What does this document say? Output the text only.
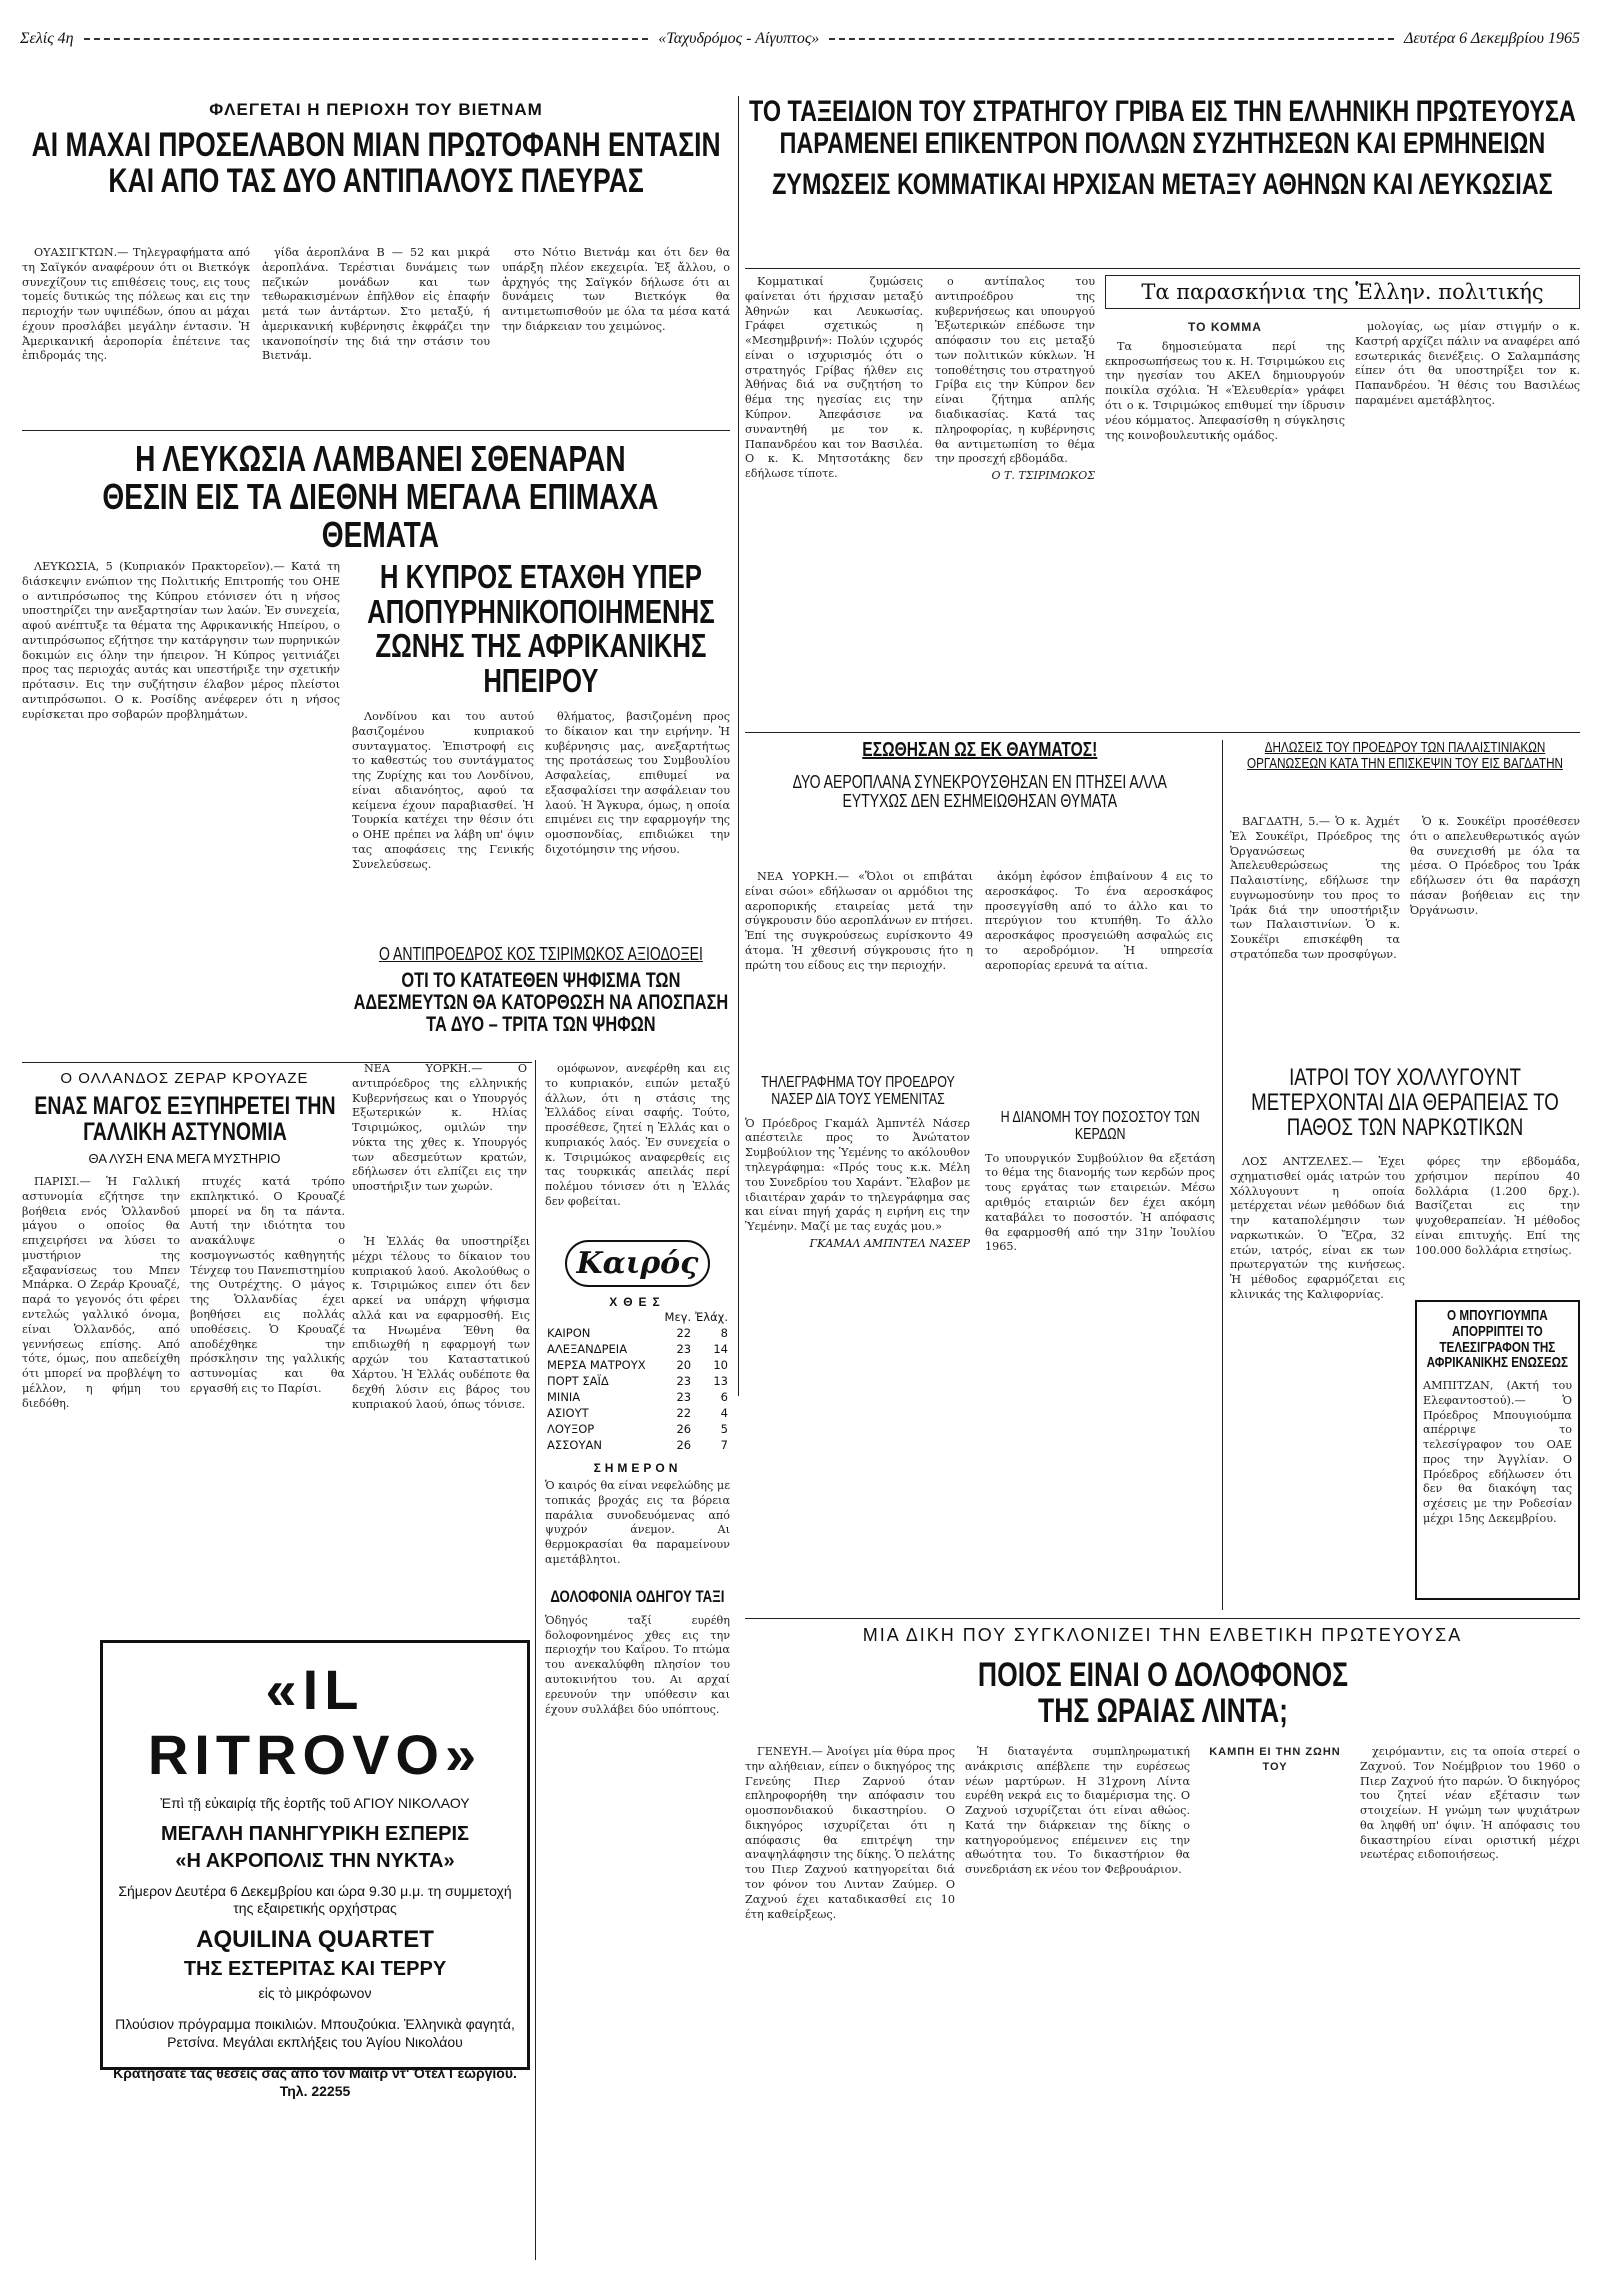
Σελίς 4η	«Ταχυδρόμος - Αίγυπτος»	Δευτέρα 6 Δεκεμβρίου 1965
ΦΛΕΓΕΤΑΙ Η ΠΕΡΙΟΧΗ ΤΟΥ ΒΙΕΤΝΑΜ
ΑΙ ΜΑΧΑΙ ΠΡΟΣΕΛΑΒΟΝ ΜΙΑΝ ΠΡΩΤΟΦΑΝΗ ΕΝΤΑΣΙΝ ΚΑΙ ΑΠΟ ΤΑΣ ΔΥΟ ΑΝΤΙΠΑΛΟΥΣ ΠΛΕΥΡΑΣ

ΟΥΑΣΙΓΚΤΩΝ.— Τηλεγραφήματα από τη Σαϊγκόν αναφέρουν ότι οι Βιετκόγκ συνεχίζουν τις επιθέσεις τους, εις τους τομείς δυτικώς της πόλεως και εις την περιοχήν των υψιπέδων, όπου αι μάχαι έχουν προσλάβει μεγάλην έντασιν. Ἡ Ἀμερικανική ἀεροπορία ἐπέτεινε τας ἐπιδρομάς της.

γίδα ἀεροπλάνα Β — 52 και μικρά ἀεροπλάνα. Τερέστιαι δυνάμεις των πεζικών μονάδων και των τεθωρακισμένων ἐπῆλθον εἰς ἐπαφήν μετά των ἀντάρτων. Στο μεταξύ, ή ἀμερικανική κυβέρνησις ἐκφράζει την ικανοποίησίν της διά την στάσιν του Βιετνάμ.

στο Νότιο Βιετνάμ και ότι δεν θα υπάρξη πλέον εκεχειρία. Ἐξ ἄλλου, ο ἀρχηγός της Σαϊγκόν δήλωσε ότι αι δυνάμεις των Βιετκόγκ θα αντιμετωπισθούν με όλα τα μέσα κατά την διάρκειαν του χειμώνος.

Η ΛΕΥΚΩΣΙΑ ΛΑΜΒΑΝΕΙ ΣΘΕΝΑΡΑΝ ΘΕΣΙΝ ΕΙΣ ΤΑ ΔΙΕΘΝΗ ΜΕΓΑΛΑ ΕΠΙΜΑΧΑ ΘΕΜΑΤΑ

ΛΕΥΚΩΣΙΑ, 5 (Κυπριακόν Πρακτορεῖον).— Κατά τη διάσκεψιν ενώπιον της Πολιτικής Επιτροπής του ΟΗΕ ο αντιπρόσωπος της Κύπρου ετόνισεν ότι η νήσος υποστηρίζει την ανεξαρτησίαν των λαών. Ἐν συνεχεία, αφού ανέπτυξε τα θέματα της Αφρικανικής Ηπείρου, ο αντιπρόσωπος εζήτησε την κατάργησιν των πυρηνικών δοκιμών εις όλην την ήπειρον. Ἡ Κύπρος γειτνιάζει προς τας περιοχάς αυτάς και υπεστήριξε την σχετικήν πρότασιν. Εις την συζήτησιν έλαβον μέρος πλείστοι αντιπρόσωποι. Ο κ. Ροσίδης ανέφερεν ότι η νήσος ευρίσκεται προ σοβαρών προβλημάτων.

Η ΚΥΠΡΟΣ ΕΤΑΧΘΗ ΥΠΕΡ ΑΠΟΠΥΡΗΝΙΚΟΠΟΙΗΜΕΝΗΣ ΖΩΝΗΣ ΤΗΣ ΑΦΡΙΚΑΝΙΚΗΣ ΗΠΕΙΡΟΥ

Λονδίνου και του αυτού βασιζομένου κυπριακού συνταγματος. Ἐπιστροφή εις το καθεστώς του συντάγματος της Ζυρίχης και του Λονδίνου, είναι αδιανόητος, αφού τα κείμενα έχουν παραβιασθεί. Ἡ Τουρκία κατέχει την θέσιν ότι ο ΟΗΕ πρέπει να λάβη υπ' όψιν τας αποφάσεις της Γενικής Συνελεύσεως.

θλήματος, βασιζομένη προς το δίκαιον και την ειρήνην. Ἡ κυβέρνησις μας, ανεξαρτήτως της προτάσεως του Συμβουλίου Ασφαλείας, επιθυμεί να εξασφαλίσει την ασφάλειαν του λαού. Ἡ Ἄγκυρα, όμως, η οποία επιμένει εις την εφαρμογήν της ομοσπονδίας, επιδιώκει την διχοτόμησιν της νήσου.

Ο ΑΝΤΙΠΡΟΕΔΡΟΣ ΚΟΣ ΤΣΙΡΙΜΩΚΟΣ ΑΞΙΟΔΟΞΕΙ
ΟΤΙ ΤΟ ΚΑΤΑΤΕΘΕΝ ΨΗΦΙΣΜΑ ΤΩΝ ΑΔΕΣΜΕΥΤΩΝ ΘΑ ΚΑΤΟΡΘΩΣΗ ΝΑ ΑΠΟΣΠΑΣΗ ΤΑ ΔΥΟ – ΤΡΙΤΑ ΤΩΝ ΨΗΦΩΝ

ΝΕΑ ΥΟΡΚΗ.— Ο αντιπρόεδρος της ελληνικής Κυβερνήσεως και ο Υπουργός Εξωτερικών κ. Ηλίας Τσιριμώκος, ομιλών την νύκτα της χθες κ. Υπουργός των αδεσμεύτων κρατών, εδήλωσεν ότι ελπίζει εις την υποστήριξιν των χωρών.

ομόφωνον, ανεφέρθη και εις το κυπριακόν, ειπών μεταξύ άλλων, ότι η στάσις της Ἑλλάδος είναι σαφής. Τούτο, προσέθεσε, ζητεί η Ἑλλάς και ο κυπριακός λαός. Ἐν συνεχεία ο κ. Τσιριμώκος αναφερθείς εις τας τουρκικάς απειλάς περί πολέμου τόνισεν ότι η Ἑλλάς δεν φοβείται.

Ο ΟΛΛΑΝΔΟΣ ΖΕΡΑΡ ΚΡΟΥΑΖΕ
ΕΝΑΣ ΜΑΓΟΣ ΕΞΥΠΗΡΕΤΕΙ ΤΗΝ ΓΑΛΛΙΚΗ ΑΣΤΥΝΟΜΙΑ
ΘΑ ΛΥΣΗ ΕΝΑ ΜΕΓΑ ΜΥΣΤΗΡΙΟ

ΠΑΡΙΣΙ.— Ἡ Γαλλική αστυνομία εζήτησε την βοήθεια ενός Ὁλλανδού μάγου ο οποίος θα επιχειρήσει να λύσει το μυστήριον της εξαφανίσεως του Μπεν Μπάρκα. Ο Ζεράρ Κρουαζέ, παρά το γεγονός ότι φέρει εντελώς γαλλικό όνομα, είναι Ὁλλανδός, από γεννήσεως επίσης. Από τότε, όμως, που απεδείχθη ότι μπορεί να προβλέψη το μέλλον, η φήμη του διεδόθη.

πτυχές κατά τρόπο εκπληκτικό. Ο Κρουαζέ μπορεί να δη τα πάντα. Αυτή την ιδιότητα του ανακάλυψε ο κοσμογνωστός καθηγητής Τένχεφ του Πανεπιστημίου της Ουτρέχτης. Ο μάγος της Ὁλλανδίας έχει βοηθήσει εις πολλάς υποθέσεις. Ὁ Κρουαζέ αποδέχθηκε την πρόσκλησιν της γαλλικής αστυνομίας και θα εργασθή εις το Παρίσι.

Ἡ Ἑλλάς θα υποστηρίξει μέχρι τέλους το δίκαιον του κυπριακού λαού. Ακολούθως ο κ. Τσιριμώκος ειπεν ότι δεν αρκεί να υπάρχη ψήφισμα αλλά και να εφαρμοσθή. Εις τα Ηνωμένα Έθνη θα επιδιωχθή η εφαρμογή των αρχών του Καταστατικού Χάρτου. Ἡ Ἑλλάς ουδέποτε θα δεχθή λύσιν εις βάρος του κυπριακού λαού, όπως τόνισε.

Καιρός
ΧΘΕΣ
	Μεγ.	Ἐλάχ.
ΚΑΙΡΟΝ	22	8
ΑΛΕΞΑΝΔΡΕΙΑ	23	14
ΜΕΡΣΑ ΜΑΤΡΟΥΧ	20	10
ΠΟΡΤ ΣΑΪΔ	23	13
ΜΙΝΙΑ	23	6
ΑΣΙΟΥΤ	22	4
ΛΟΥΞΟΡ	26	5
ΑΣΣΟΥΑΝ	26	7
ΣΗΜΕΡΟΝ
Ὁ καιρός θα είναι νεφελώδης με τοπικάς βροχάς εις τα βόρεια παράλια συνοδευόμενας από ψυχρόν άνεμον. Αι θερμοκρασίαι θα παραμείνουν αμετάβλητοι.
ΔΟΛΟΦΟΝΙΑ ΟΔΗΓΟΥ ΤΑΞΙ
Ὁδηγός ταξί ευρέθη δολοφονημένος χθες εις την περιοχήν του Καΐρου. Το πτώμα του ανεκαλύφθη πλησίον του αυτοκινήτου του. Αι αρχαί ερευνούν την υπόθεσιν και έχουν συλλάβει δύο υπόπτους.
«IL RITROVO»
Ἐπὶ τῇ εὐκαιρίᾳ τῆς ἑορτῆς τοῦ ΑΓΙΟΥ ΝΙΚΟΛΑΟΥ
ΜΕΓΑΛΗ ΠΑΝΗΓΥΡΙΚΗ ΕΣΠΕΡΙΣ
«Η ΑΚΡΟΠΟΛΙΣ ΤΗΝ ΝΥΚΤΑ»
Σήμερον Δευτέρα 6 Δεκεμβρίου και ώρα 9.30 μ.μ. τη συμμετοχή της εξαιρετικής ορχήστρας
AQUILINA QUARTET
ΤΗΣ ΕΣΤΕΡΙΤΑΣ ΚΑΙ ΤΕΡΡΥ
εἰς τὸ μικρόφωνον
Πλούσιον πρόγραμμα ποικιλιών. Μπουζούκια. Ἑλληνικὰ φαγητά, Ρετσίνα. Μεγάλαι εκπλήξεις του Ἁγίου Νικολάου
Κρατήσατε τὰς θέσεις σας ἀπὸ τὸν Μαίτρ ντ' Ὀτέλ Γεωργίου. Τηλ. 22255
ΤΟ ΤΑΞΕΙΔΙΟΝ ΤΟΥ ΣΤΡΑΤΗΓΟΥ ΓΡΙΒΑ ΕΙΣ ΤΗΝ ΕΛΛΗΝΙΚΗ ΠΡΩΤΕΥΟΥΣΑ ΠΑΡΑΜΕΝΕΙ ΕΠΙΚΕΝΤΡΟΝ ΠΟΛΛΩΝ ΣΥΖΗΤΗΣΕΩΝ ΚΑΙ ΕΡΜΗΝΕΙΩΝ
ΖΥΜΩΣΕΙΣ ΚΟΜΜΑΤΙΚΑΙ ΗΡΧΙΣΑΝ ΜΕΤΑΞΥ ΑΘΗΝΩΝ ΚΑΙ ΛΕΥΚΩΣΙΑΣ

Κομματικαί ζυμώσεις φαίνεται ότι ήρχισαν μεταξύ Ἀθηνών και Λευκωσίας. Γράφει σχετικώς η «Μεσημβρινή»: Πολύν ιςχυρός είναι ο ισχυρισμός ότι ο στρατηγός Γρίβας ήλθεν εις Ἀθήνας διά να συζητήση το θέμα της ηγεσίας εις την Κύπρον. Ἀπεφάσισε να συναντηθή με τον κ. Παπανδρέου και τον Βασιλέα. Ο κ. Κ. Μητσοτάκης δεν εδήλωσε τίποτε.

ο αντίπαλος του αντιπροέδρου της κυβερνήσεως και υπουργού Ἐξωτερικών επέδωσε την απόφασιν του εις μεταξύ των πολιτικών κύκλων. Ἡ τοποθέτησις του στρατηγού Γρίβα εις την Κύπρον δεν είναι ζήτημα απλής διαδικασίας. Κατά τας πληροφορίας, η κυβέρνησις θα αντιμετωπίση το θέμα την προσεχή εβδομάδα.

Ο Τ. ΤΣΙΡΙΜΩΚΟΣ
Τα παρασκήνια της Ἑλλην. πολιτικής
ΤΟ ΚΟΜΜΑ

Τα δημοσιεύματα περί της εκπροσωπήσεως του κ. Η. Τσιριμώκου εις την ηγεσίαν του ΑΚΕΛ δημιουργούν ποικίλα σχόλια. Ἡ «Ἐλευθερία» γράφει ότι ο κ. Τσιριμώκος επιθυμεί την ίδρυσιν νέου κόμματος. Ἀπεφασίσθη η σύγκλησις της κοινοβουλευτικής ομάδος.

μολογίας, ως μίαν στιγμήν ο κ. Καστρή αρχίζει πάλιν να αναφέρει από εσωτερικάς διενέξεις. Ο Σαλαμπάσης είπεν ότι θα υποστηρίξει τον κ. Παπανδρέου. Ἡ θέσις του Βασιλέως παραμένει αμετάβλητος.

ΕΣΩΘΗΣΑΝ ΩΣ ΕΚ ΘΑΥΜΑΤΟΣ!
ΔΥΟ ΑΕΡΟΠΛΑΝΑ ΣΥΝΕΚΡΟΥΣΘΗΣΑΝ ΕΝ ΠΤΗΣΕΙ ΑΛΛΑ ΕΥΤΥΧΩΣ ΔΕΝ ΕΣΗΜΕΙΩΘΗΣΑΝ ΘΥΜΑΤΑ

ΝΕΑ ΥΟΡΚΗ.— «Ὅλοι οι επιβάται είναι σώοι» εδήλωσαν οι αρμόδιοι της αεροπορικής εταιρείας μετά την σύγκρουσιν δύο αεροπλάνων εν πτήσει. Ἐπί της συγκρούσεως ευρίσκοντο 49 άτομα. Ἡ χθεσινή σύγκρουσις ήτο η πρώτη του είδους εις την περιοχήν.

ἀκόμη ἐφόσον ἐπιβαίνουν 4 εις το αεροσκάφος. Το ένα αεροσκάφος προσεγγίσθη από το άλλο και το πτερύγιον του κτυπήθη. Το άλλο αεροσκάφος προσγειώθη ασφαλώς εις το αεροδρόμιον. Ἡ υπηρεσία αεροπορίας ερευνά τα αίτια.

ΤΗΛΕΓΡΑΦΗΜΑ ΤΟΥ ΠΡΟΕΔΡΟΥ ΝΑΣΕΡ ΔΙΑ ΤΟΥΣ ΥΕΜΕΝΙΤΑΣ
Ὁ Πρόεδρος Γκαμάλ Ἀμπντέλ Νάσερ απέστειλε προς το Ἀνώτατον Συμβούλιον της Ὑεμένης το ακόλουθον τηλεγράφημα: «Πρός τους κ.κ. Μέλη του Συνεδρίου του Χαράντ. Ἔλαβον με ιδιαιτέραν χαράν το τηλεγράφημα σας και είναι πηγή χαράς η ειρήνη εις την Ὑεμένην. Μαζί με τας ευχάς μου.»
ΓΚΑΜΑΛ ΑΜΠΝΤΕΛ ΝΑΣΕΡ
Η ΔΙΑΝΟΜΗ ΤΟΥ ΠΟΣΟΣΤΟΥ ΤΩΝ ΚΕΡΔΩΝ
Το υπουργικόν Συμβούλιον θα εξετάση το θέμα της διανομής των κερδών προς τους εργάτας των εταιρειών. Μέσω αριθμός εταιριών δεν έχει ακόμη καταβάλει το ποσοστόν. Ἡ απόφασις θα εφαρμοσθή από την 31ην Ἰουλίου 1965.
ΔΗΛΩΣΕΙΣ ΤΟΥ ΠΡΟΕΔΡΟΥ ΤΩΝ ΠΑΛΑΙΣΤΙΝΙΑΚΩΝ ΟΡΓΑΝΩΣΕΩΝ ΚΑΤΑ ΤΗΝ ΕΠΙΣΚΕΨΙΝ ΤΟΥ ΕΙΣ ΒΑΓΔΑΤΗΝ

ΒΑΓΔΑΤΗ, 5.— Ὁ κ. Ἀχμέτ Ἐλ Σουκέϊρι, Πρόεδρος της Ὀργανώσεως Ἀπελευθερώσεως της Παλαιστίνης, εδήλωσε την ευγνωμοσύνην του προς το Ἰράκ διά την υποστήριξιν των Παλαιστινίων. Ὁ κ. Σουκέϊρι επισκέφθη τα στρατόπεδα των προσφύγων.

Ὁ κ. Σουκέϊρι προσέθεσεν ότι ο απελευθερωτικός αγών θα συνεχισθή με όλα τα μέσα. Ο Πρόεδρος του Ἰράκ εδήλωσεν ότι θα παράσχη πάσαν βοήθειαν εις την Ὀργάνωσιν.

ΙΑΤΡΟΙ ΤΟΥ ΧΟΛΛΥΓΟΥΝΤ ΜΕΤΕΡΧΟΝΤΑΙ ΔΙΑ ΘΕΡΑΠΕΙΑΣ ΤΟ ΠΑΘΟΣ ΤΩΝ ΝΑΡΚΩΤΙΚΩΝ

ΛΟΣ ΑΝΤΖΕΛΕΣ.— Ἐχει σχηματισθεί ομάς ιατρών του Χόλλυγουντ η οποία μετέρχεται νέων μεθόδων διά την καταπολέμησιν των ναρκωτικών. Ὁ Ἔζρα, 32 ετών, ιατρός, είναι εκ των πρωτεργατών της κινήσεως. Ἡ μέθοδος εφαρμόζεται εις κλινικάς της Καλιφορνίας.

φόρες την εβδομάδα, χρήσιμον περίπου 40 δολλάρια (1.200 δρχ.). Βασίζεται εις την ψυχοθεραπείαν. Ἡ μέθοδος είναι επιτυχής. Επί της 100.000 δολλάρια ετησίως.

Ο ΜΠΟΥΓΙΟΥΜΠΑ ΑΠΟΡΡΙΠΤΕΙ ΤΟ ΤΕΛΕΣΙΓΡΑΦΟΝ ΤΗΣ ΑΦΡΙΚΑΝΙΚΗΣ ΕΝΩΣΕΩΣ
ΑΜΠΙΤΖΑΝ, (Ακτή του Ελεφαντοστού).— Ὁ Πρόεδρος Μπουγιούμπα απέρριψε το τελεσίγραφον του ΟΑΕ προς την Ἀγγλίαν. Ο Πρόεδρος εδήλωσεν ότι δεν θα διακόψη τας σχέσεις με την Ρoδεσίαν μέχρι 15ης Δεκεμβρίου.
ΜΙΑ ΔΙΚΗ ΠΟΥ ΣΥΓΚΛΟΝΙΖΕΙ ΤΗΝ ΕΛΒΕΤΙΚΗ ΠΡΩΤΕΥΟΥΣΑ
ΠΟΙΟΣ ΕΙΝΑΙ Ο ΔΟΛΟΦΟΝΟΣ ΤΗΣ ΩΡΑΙΑΣ ΛΙΝΤΑ;

ΓΕΝΕΥΗ.— Ἀνοίγει μία θύρα προς την αλήθειαν, είπεν ο δικηγόρος της Γενεύης Πιερ Ζαρνού όταν επληροφορήθη την απόφασιν του ομοσπονδιακού δικαστηρίου. Ο δικηγόρος ισχυρίζεται ότι η απόφασις θα επιτρέψη την αναψηλάφησιν της δίκης. Ὁ πελάτης του Πιερ Ζαχνού κατηγορείται διά τον φόνον του Λινταν Ζαύμερ. Ο Ζαχνού έχει καταδικασθεί εις 10 έτη καθείρξεως.

Ἡ διαταγέντα συμπληρωματική ανάκρισις απέβλεπε την ευρέσεως νέων μαρτύρων. Η 31χρονη Λίντα ευρέθη νεκρά εις το διαμέρισμα της. Ο Ζαχνού ισχυρίζεται ότι είναι αθώος. Κατά την διάρκειαν της δίκης ο κατηγορούμενος επέμεινεν εις την αθωότητα του. Το δικαστήριον θα συνεδριάση εκ νέου τον Φεβρουάριον.

ΚΑΜΠΗ ΕΙ ΤΗΝ ΖΩΗΝ ΤΟΥ

χειρόμαντιν, εις τα οποία στερεί ο Ζαχνού. Τον Νοέμβριον του 1960 ο Πιερ Ζαχνού ήτο παρών. Ὁ δικηγόρος του ζητεί νέαν εξέτασιν των στοιχείων. Η γνώμη των ψυχιάτρων θα ληφθή υπ' όψιν. Ἡ απόφασις του δικαστηρίου είναι οριστική μέχρι νεωτέρας ειδοποιήσεως.
